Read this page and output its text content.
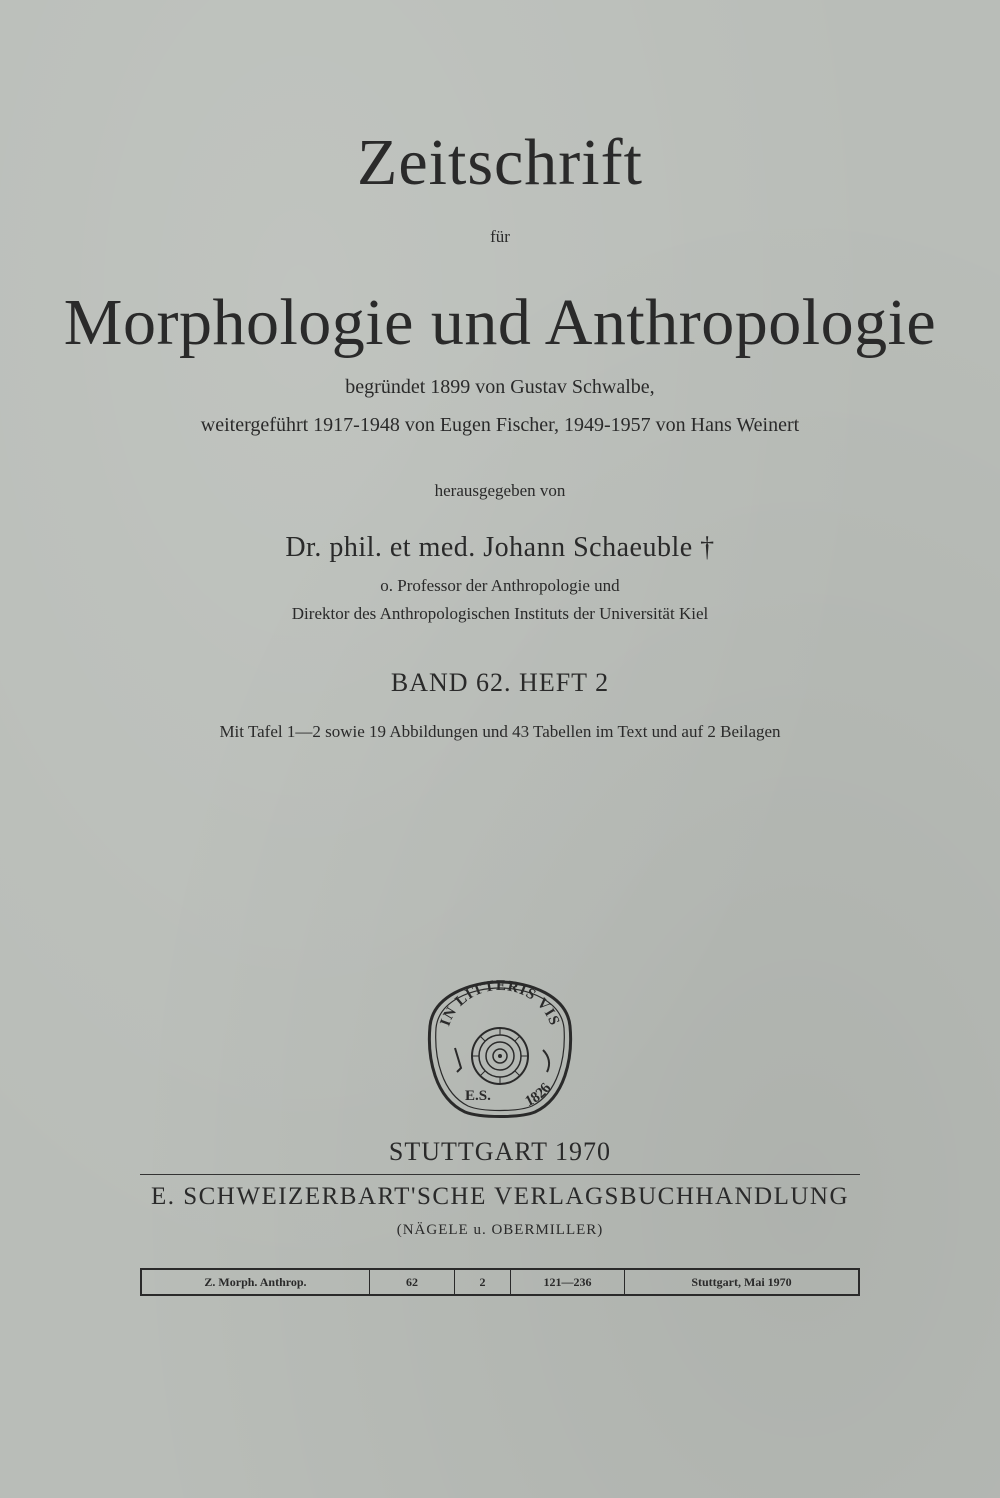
Zeitschrift
für
Morphologie und Anthropologie
begründet 1899 von Gustav Schwalbe,
weitergeführt 1917-1948 von Eugen Fischer, 1949-1957 von Hans Weinert
herausgegeben von
Dr. phil. et med. Johann Schaeuble †
o. Professor der Anthropologie und
Direktor des Anthropologischen Instituts der Universität Kiel
BAND 62. HEFT 2
Mit Tafel 1—2 sowie 19 Abbildungen und 43 Tabellen im Text und auf 2 Beilagen
IN LITTERIS VIS
E.S. 1826
STUTTGART 1970
E. SCHWEIZERBART'SCHE VERLAGSBUCHHANDLUNG
(NÄGELE u. OBERMILLER)
Z. Morph. Anthrop.	62	2	121—236	Stuttgart, Mai 1970
